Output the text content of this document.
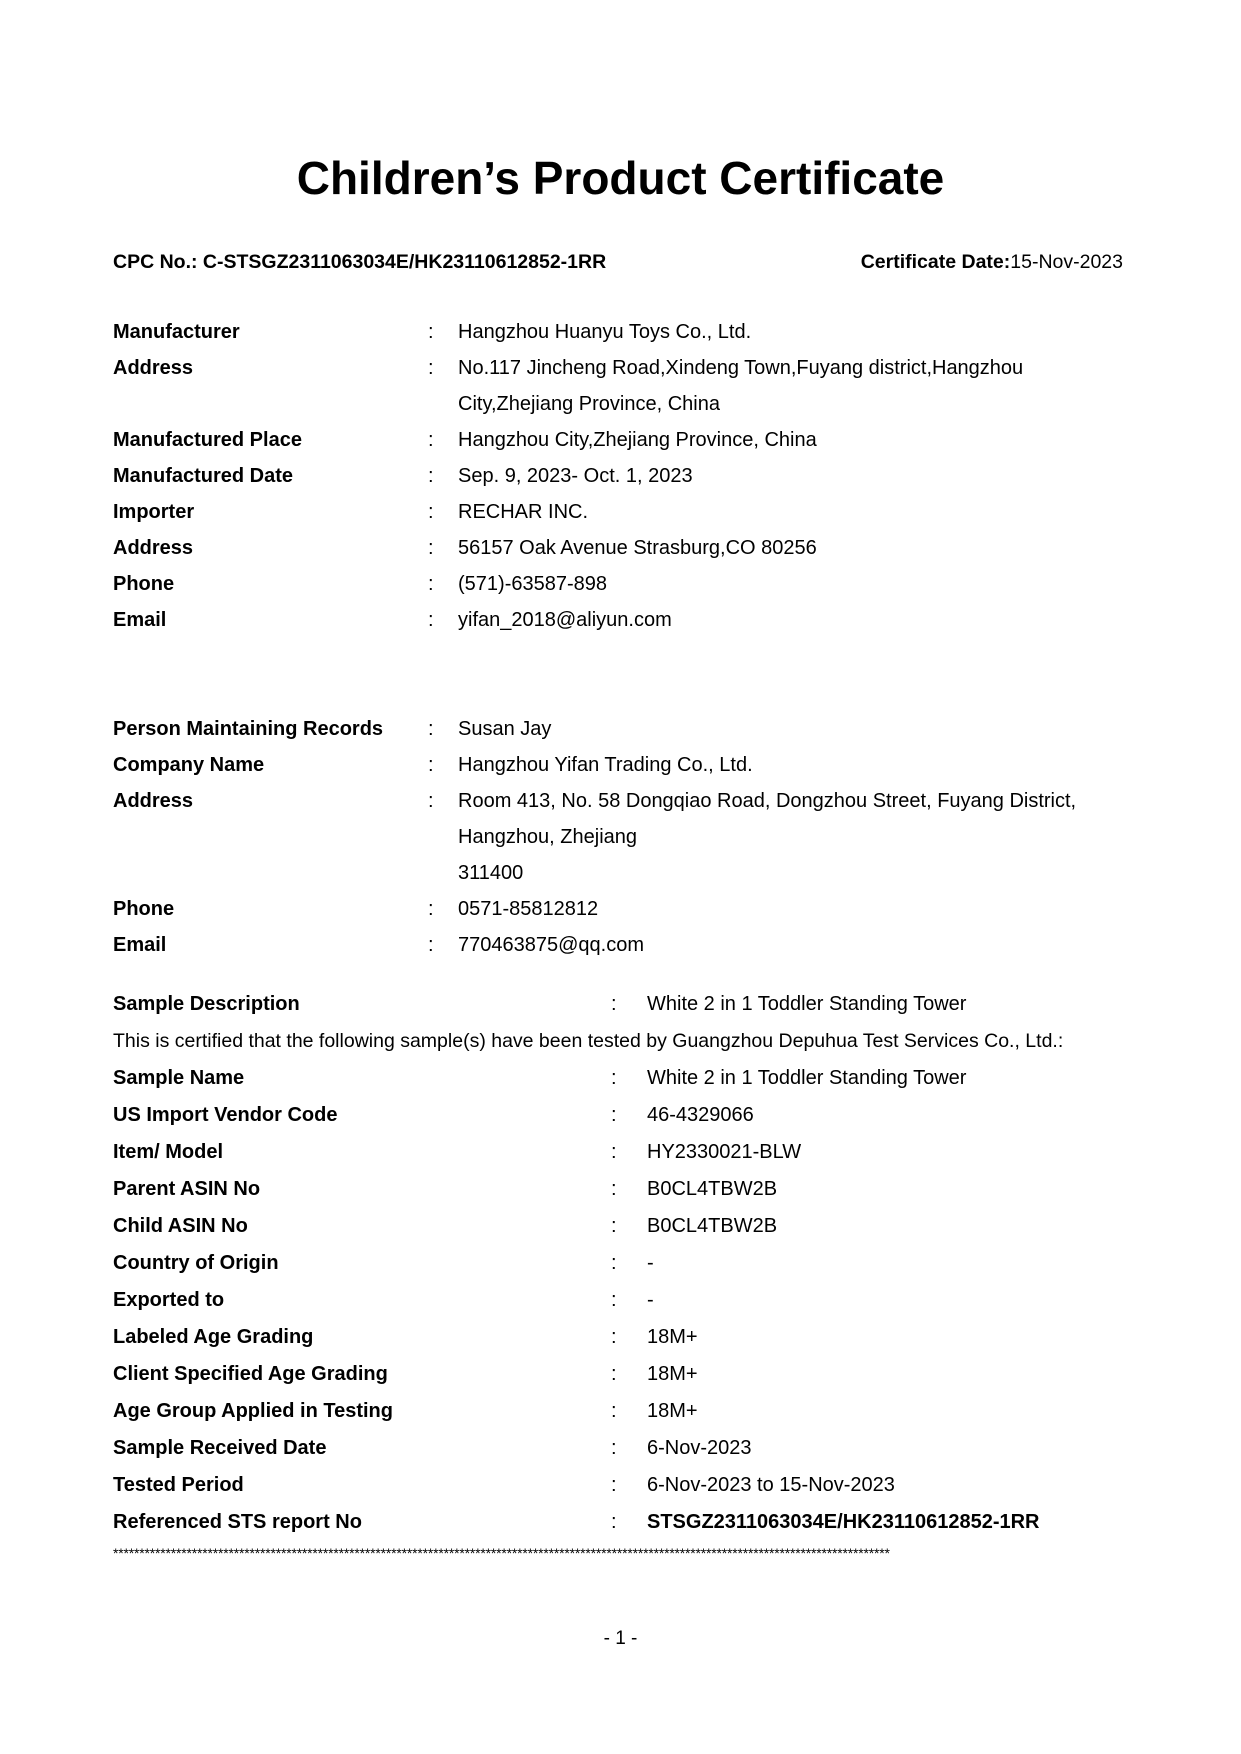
Children’s Product Certificate
CPC No.: C-STSGZ2311063034E/HK23110612852-1RR	Certificate Date:15-Nov-2023
Manufacturer	: Hangzhou Huanyu Toys Co., Ltd.
Address	: No.117 Jincheng Road,Xindeng Town,Fuyang district,Hangzhou
City,Zhejiang Province, China
Manufactured Place	: Hangzhou City,Zhejiang Province, China
Manufactured Date	: Sep. 9, 2023- Oct. 1, 2023
Importer	: RECHAR INC.
Address	: 56157 Oak Avenue Strasburg,CO 80256
Phone	: (571)-63587-898
Email	: yifan_2018@aliyun.com
Person Maintaining Records : Susan Jay
Company Name	: Hangzhou Yifan Trading Co., Ltd.
Address	: Room 413, No. 58 Dongqiao Road, Dongzhou Street, Fuyang District,
Hangzhou, Zhejiang
311400
Phone	: 0571-85812812
Email	: 770463875@qq.com
Sample Description	: White 2 in 1 Toddler Standing Tower
This is certified that the following sample(s) have been tested by Guangzhou Depuhua Test Services Co., Ltd.:
Sample Name	: White 2 in 1 Toddler Standing Tower
US Import Vendor Code	: 46-4329066
Item/ Model	: HY2330021-BLW
Parent ASIN No	: B0CL4TBW2B
Child ASIN No	: B0CL4TBW2B
Country of Origin	: -
Exported to	: -
Labeled Age Grading	: 18M+
Client Specified Age Grading	: 18M+
Age Group Applied in Testing	: 18M+
Sample Received Date	: 6-Nov-2023
Tested Period	: 6-Nov-2023 to 15-Nov-2023
Referenced STS report No	: STSGZ2311063034E/HK23110612852-1RR
****************************************************************************************************************************************************
- 1 -
